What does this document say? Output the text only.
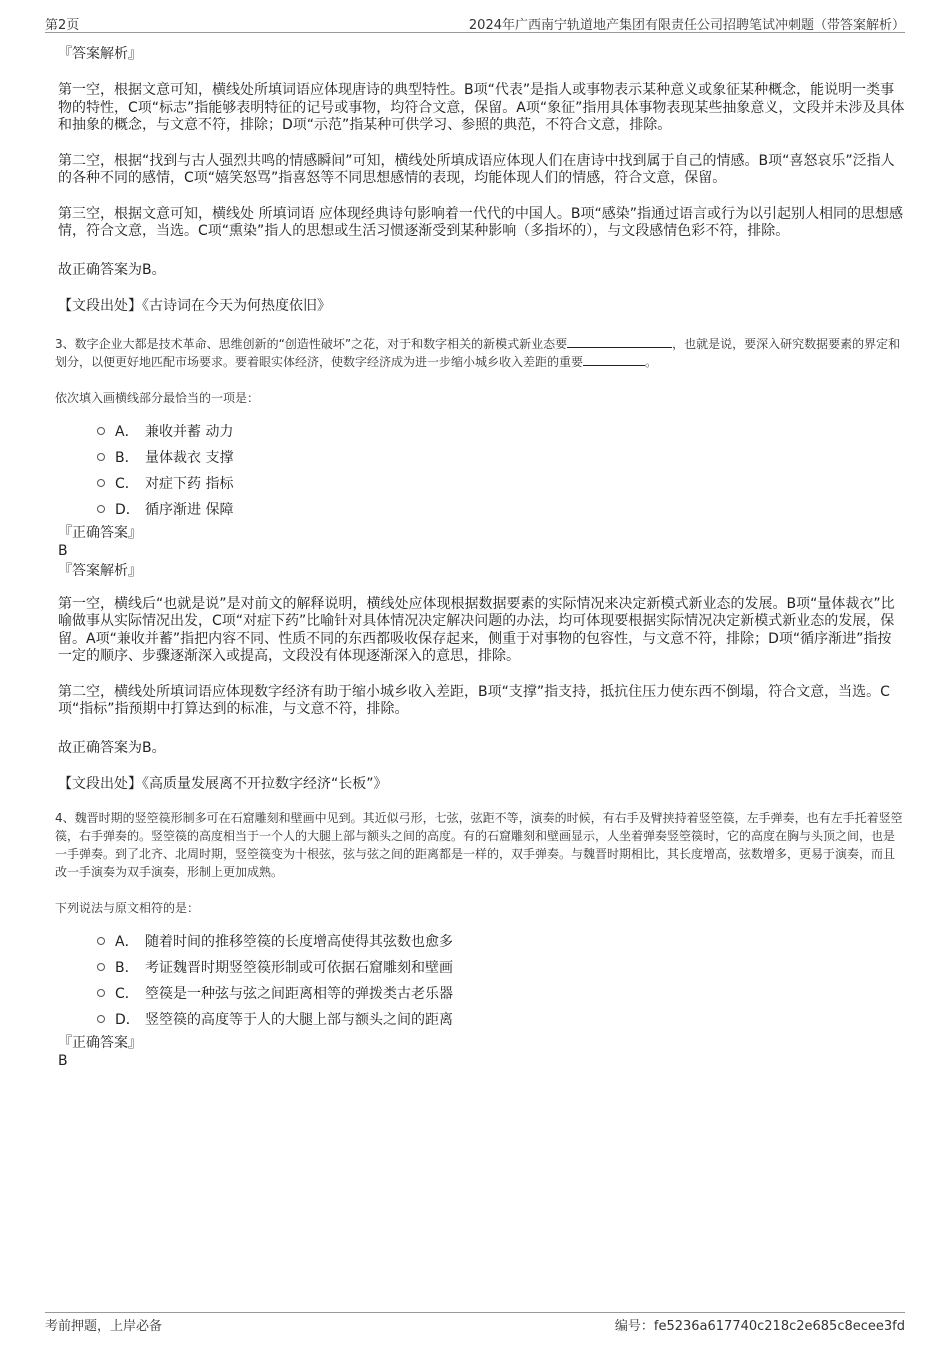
第2页	2024年广西南宁轨道地产集团有限责任公司招聘笔试冲刺题（带答案解析）
『答案解析』

第一空，根据文意可知，横线处所填词语应体现唐诗的典型特性。B项“代表”是指人或事物表示某种意义或象征某种概念，能说明一类事物的特性，C项“标志”指能够表明特征的记号或事物，均符合文意，保留。A项“象征”指用具体事物表现某些抽象意义，文段并未涉及具体和抽象的概念，与文意不符，排除；D项“示范”指某种可供学习、参照的典范，不符合文意，排除。

第二空，根据“找到与古人强烈共鸣的情感瞬间”可知，横线处所填成语应体现人们在唐诗中找到属于自己的情感。B项“喜怒哀乐”泛指人的各种不同的感情，C项“嬉笑怒骂”指喜怒等不同思想感情的表现，均能体现人们的情感，符合文意，保留。

第三空，根据文意可知，横线处 所填词语 应体现经典诗句影响着一代代的中国人。B项“感染”指通过语言或行为以引起别人相同的思想感情，符合文意，当选。C项“熏染”指人的思想或生活习惯逐渐受到某种影响（多指坏的），与文段感情色彩不符，排除。

故正确答案为B。

【文段出处】《古诗词在今天为何热度依旧》

3、数字企业大都是技术革命、思维创新的“创造性破坏”之花，对于和数字相关的新模式新业态要	，也就是说，要深入研究数据要素的界定和划分，以便更好地匹配市场要求。要着眼实体经济，使数字经济成为进一步缩小城乡收入差距的重要	。

依次填入画横线部分最恰当的一项是：

A． 兼收并蓄 动力
B． 量体裁衣 支撑
C． 对症下药 指标
D． 循序渐进 保障
『正确答案』
B
『答案解析』

第一空，横线后“也就是说”是对前文的解释说明，横线处应体现根据数据要素的实际情况来决定新模式新业态的发展。B项“量体裁衣”比喻做事从实际情况出发，C项“对症下药”比喻针对具体情况决定解决问题的办法，均可体现要根据实际情况决定新模式新业态的发展，保留。A项“兼收并蓄”指把内容不同、性质不同的东西都吸收保存起来，侧重于对事物的包容性，与文意不符，排除；D项“循序渐进”指按一定的顺序、步骤逐渐深入或提高，文段没有体现逐渐深入的意思，排除。

第二空，横线处所填词语应体现数字经济有助于缩小城乡收入差距，B项“支撑”指支持，抵抗住压力使东西不倒塌，符合文意，当选。C项“指标”指预期中打算达到的标准，与文意不符，排除。

故正确答案为B。

【文段出处】《高质量发展离不开拉数字经济“长板”》

4、魏晋时期的竖箜篌形制多可在石窟雕刻和壁画中见到。其近似弓形，七弦，弦距不等，演奏的时候，有右手及臂挟持着竖箜篌，左手弹奏，也有左手托着竖箜篌，右手弹奏的。竖箜篌的高度相当于一个人的大腿上部与额头之间的高度。有的石窟雕刻和壁画显示，人坐着弹奏竖箜篌时，它的高度在胸与头顶之间，也是一手弹奏。到了北齐、北周时期，竖箜篌变为十根弦，弦与弦之间的距离都是一样的，双手弹奏。与魏晋时期相比，其长度增高，弦数增多，更易于演奏，而且改一手演奏为双手演奏，形制上更加成熟。

下列说法与原文相符的是：

A． 随着时间的推移箜篌的长度增高使得其弦数也愈多
B． 考证魏晋时期竖箜篌形制或可依据石窟雕刻和壁画
C． 箜篌是一种弦与弦之间距离相等的弹拨类古老乐器
D． 竖箜篌的高度等于人的大腿上部与额头之间的距离
『正确答案』
B
考前押题，上岸必备	编号：fe5236a617740c218c2e685c8ecee3fd
